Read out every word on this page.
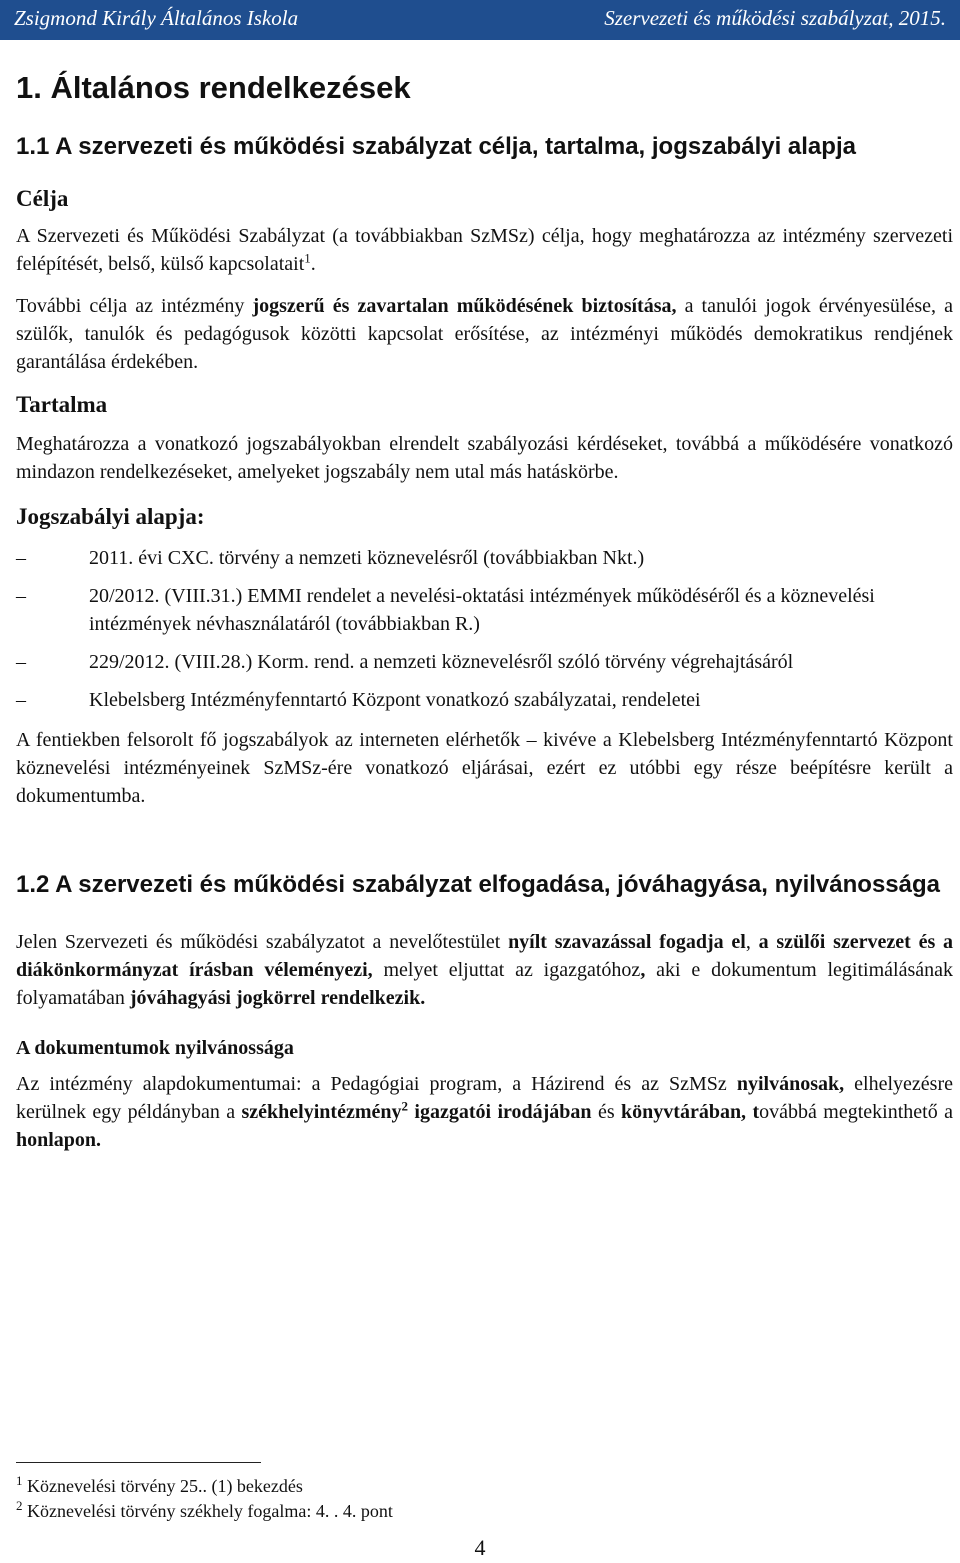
Zsigmond Király Általános Iskola	Szervezeti és működési szabályzat, 2015.
1. Általános rendelkezések
1.1 A szervezeti és működési szabályzat célja, tartalma, jogszabályi alapja
Célja

A Szervezeti és Működési Szabályzat (a továbbiakban SzMSz) célja, hogy meghatározza az intézmény szervezeti felépítését, belső, külső kapcsolatait$^1$.

További célja az intézmény jogszerű és zavartalan működésének biztosítása, a tanulói jogok érvényesülése, a szülők, tanulók és pedagógusok közötti kapcsolat erősítése, az intézményi működés demokratikus rendjének garantálása érdekében.

Tartalma

Meghatározza a vonatkozó jogszabályokban elrendelt szabályozási kérdéseket, továbbá a működésére vonatkozó mindazon rendelkezéseket, amelyeket jogszabály nem utal más hatáskörbe.

Jogszabályi alapja:
–	2011. évi CXC. törvény a nemzeti köznevelésről (továbbiakban Nkt.)
–	20/2012. (VIII.31.) EMMI rendelet a nevelési-oktatási intézmények működéséről és a köznevelési intézmények névhasználatáról (továbbiakban R.)
–	229/2012. (VIII.28.) Korm. rend. a nemzeti köznevelésről szóló törvény végrehajtásáról
–	Klebelsberg Intézményfenntartó Központ vonatkozó szabályzatai, rendeletei

A fentiekben felsorolt fő jogszabályok az interneten elérhetők – kivéve a Klebelsberg Intézményfenntartó Központ köznevelési intézményeinek SzMSz-ére vonatkozó eljárásai, ezért ez utóbbi egy része beépítésre került a dokumentumba.

1.2 A szervezeti és működési szabályzat elfogadása, jóváhagyása, nyilvánossága

Jelen Szervezeti és működési szabályzatot a nevelőtestület nyílt szavazással fogadja el, a szülői szervezet és a diákönkormányzat írásban véleményezi, melyet eljuttat az igazgatóhoz, aki e dokumentum legitimálásának folyamatában jóváhagyási jogkörrel rendelkezik.

A dokumentumok nyilvánossága

Az intézmény alapdokumentumai: a Pedagógiai program, a Házirend és az SzMSz nyilvánosak, elhelyezésre kerülnek egy példányban a székhelyintézmény$^2$ igazgatói irodájában és könyvtárában, továbbá megtekinthető a honlapon.

$^1$ Köznevelési törvény 25.. (1) bekezdés
$^2$ Köznevelési törvény székhely fogalma: 4. . 4. pont
4
